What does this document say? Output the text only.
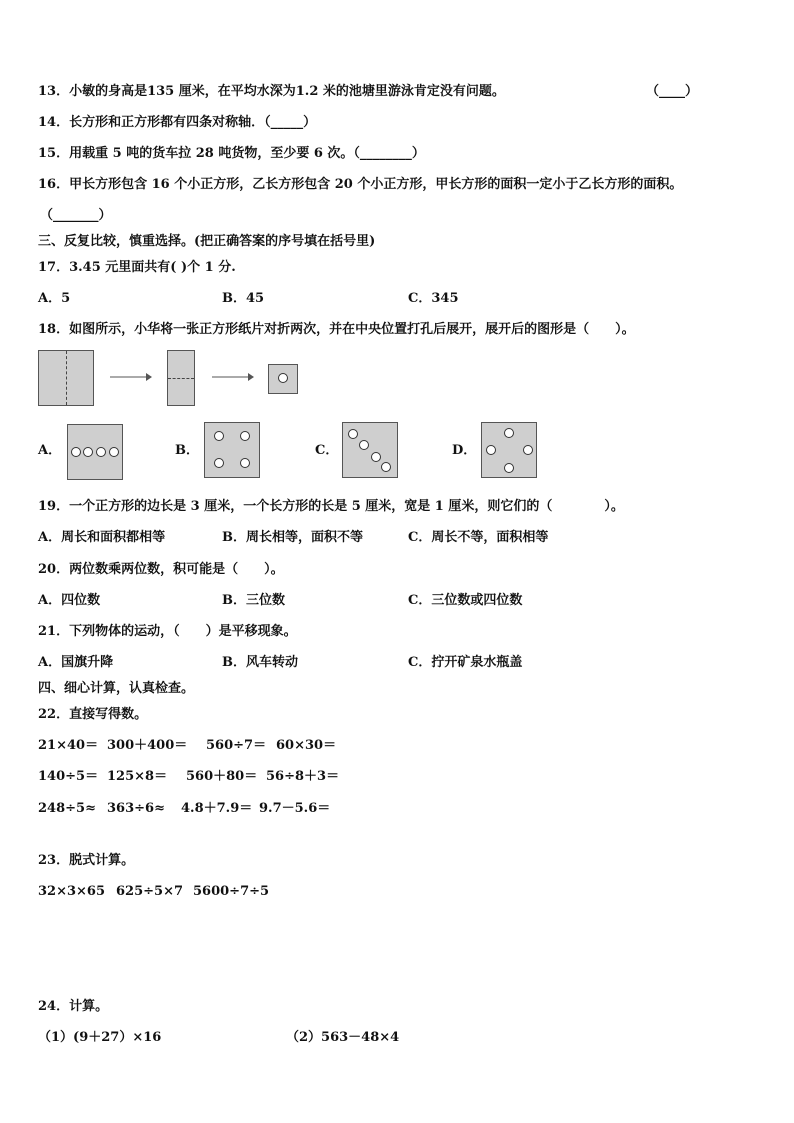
13．小敏的身高是135 厘米，在平均水深为1.2 米的池塘里游泳肯定没有问题。	（____）
14．长方形和正方形都有四条对称轴．（_____）
15．用载重 5 吨的货车拉 28 吨货物，至少要 6 次。（________）
16．甲长方形包含 16 个小正方形，乙长方形包含 20 个小正方形，甲长方形的面积一定小于乙长方形的面积。
（_______）
三、反复比较，慎重选择。(把正确答案的序号填在括号里)
17．3.45 元里面共有( )个 1 分.
A．5	B．45	C．345
18．如图所示，小华将一张正方形纸片对折两次，并在中央位置打孔后展开，展开后的图形是（　　）。
A．	B．	C．	D．
19．一个正方形的边长是 3 厘米，一个长方形的长是 5 厘米，宽是 1 厘米，则它们的（　　　　）。
A．周长和面积都相等	B．周长相等，面积不等	C．周长不等，面积相等
20．两位数乘两位数，积可能是（　　）。
A．四位数	B．三位数	C．三位数或四位数
21．下列物体的运动，（　　）是平移现象。
A．国旗升降	B．风车转动	C．拧开矿泉水瓶盖
四、细心计算，认真检查。
22．直接写得数。
21×40＝ 300＋400＝ 560÷7＝ 60×30＝
140÷5＝ 125×8＝ 560＋80＝ 56÷8＋3＝
248÷5≈ 363÷6≈ 4.8＋7.9＝ 9.7－5.6＝
23．脱式计算。
32×3×65 625÷5×7 5600÷7÷5
24．计算。
（1）(9＋27）×16	（2）563－48×4
